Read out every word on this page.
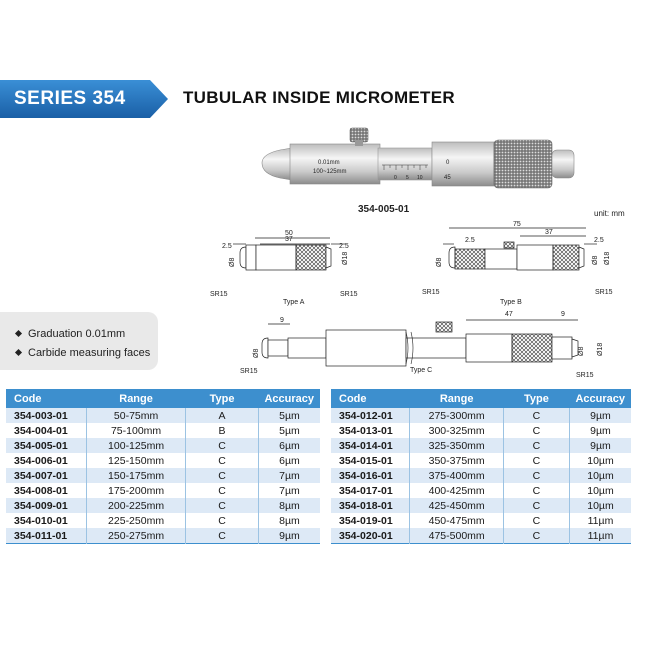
SERIES 354	TUBULAR INSIDE MICROMETER
0.01mm
100~125mm
0 5 10
0
45
354-005-01	unit: mm
50
37
2.5	2.5
Ø8	Ø18
SR15	SR15
Type A
75
37
2.5	2.5
Ø8	Ø8 Ø18
SR15	SR15
Type B
9
47	9
Ø8	Ø8 Ø18
SR15
SR15
Type C
Graduation 0.01mm
Carbide measuring faces
Code	Range	Type	Accuracy
354-003-01	50-75mm	A	5µm
354-004-01	75-100mm	B	5µm
354-005-01	100-125mm	C	6µm
354-006-01	125-150mm	C	6µm
354-007-01	150-175mm	C	7µm
354-008-01	175-200mm	C	7µm
354-009-01	200-225mm	C	8µm
354-010-01	225-250mm	C	8µm
354-011-01	250-275mm	C	9µm
Code	Range	Type	Accuracy
354-012-01	275-300mm	C	9µm
354-013-01	300-325mm	C	9µm
354-014-01	325-350mm	C	9µm
354-015-01	350-375mm	C	10µm
354-016-01	375-400mm	C	10µm
354-017-01	400-425mm	C	10µm
354-018-01	425-450mm	C	10µm
354-019-01	450-475mm	C	11µm
354-020-01	475-500mm	C	11µm
